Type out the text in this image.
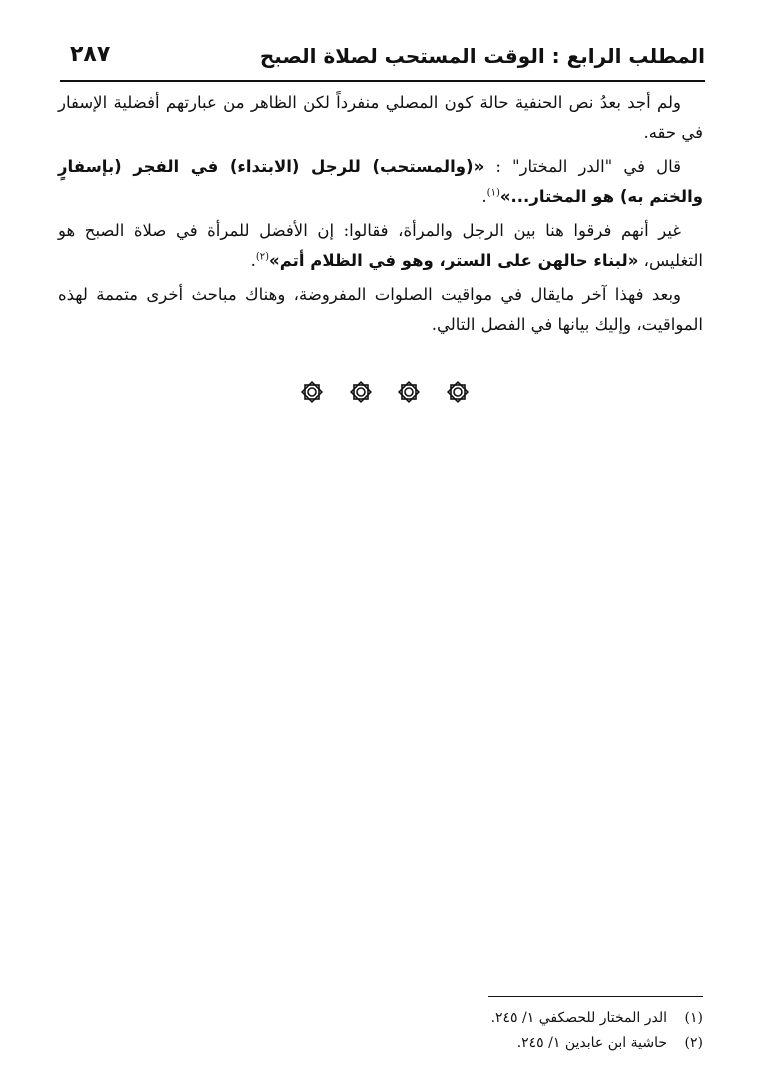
المطلب الرابع : الوقت المستحب لصلاة الصبح
٢٨٧

ولم أجد بعدُ نص الحنفية حالة كون المصلي منفرداً لكن الظاهر من عبارتهم أفضلية الإسفار في حقه.

قال في "الدر المختار" : «(والمستحب) للرجل (الابتداء) في الفجر (بإسفارٍ والختم به) هو المختار...»$^{(١)}$.

غير أنهم فرقوا هنا بين الرجل والمرأة، فقالوا: إن الأفضل للمرأة في صلاة الصبح هو التغليس، «لبناء حالهن على الستر، وهو في الظلام أتم»$^{(٢)}$.

وبعد فهذا آخر مايقال في مواقيت الصلوات المفروضة، وهناك مباحث أخرى متممة لهذه المواقيت، وإليك بيانها في الفصل التالي.

(١)
الدر المختار للحصكفي ١/ ٢٤٥.
(٢)
حاشية ابن عابدين ١/ ٢٤٥.
